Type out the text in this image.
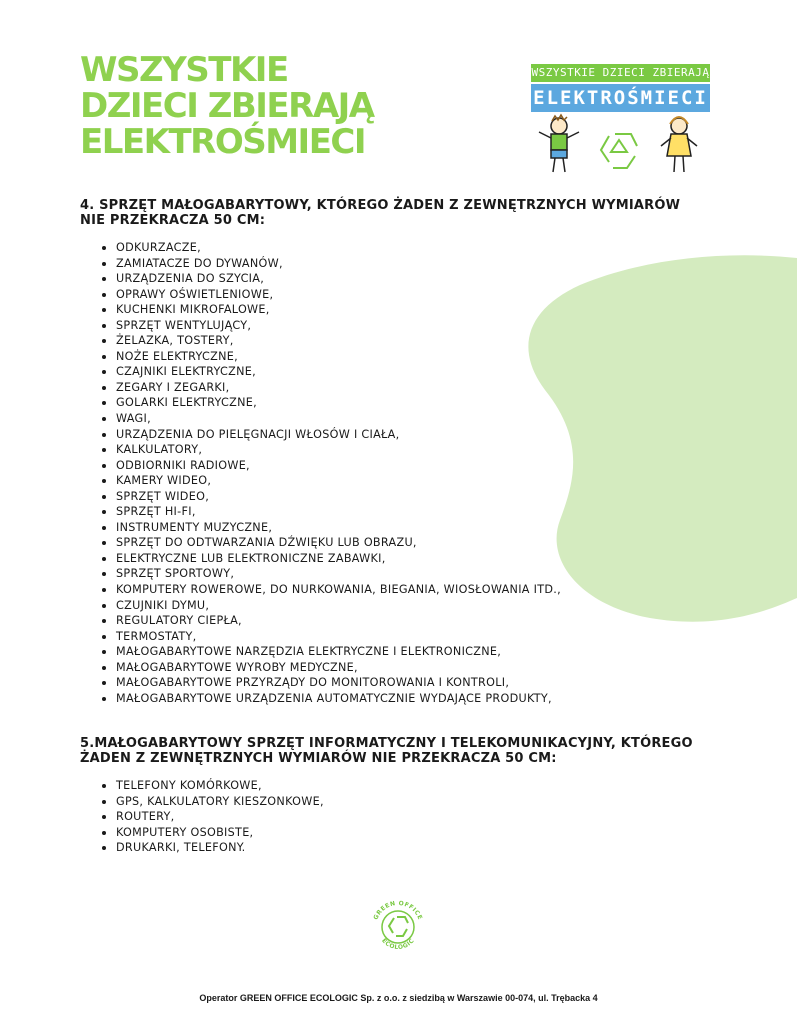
WSZYSTKIE
DZIECI ZBIERAJĄ
ELEKTROŚMIECI
WSZYSTKIE DZIECI ZBIERAJĄ
ELEKTROŚMIECI
4. SPRZĘT MAŁOGABARYTOWY, KTÓREGO ŻADEN Z ZEWNĘTRZNYCH WYMIARÓW
NIE PRZEKRACZA 50 CM:
ODKURZACZE,
ZAMIATACZE DO DYWANÓW,
URZĄDZENIA DO SZYCIA,
OPRAWY OŚWIETLENIOWE,
KUCHENKI MIKROFALOWE,
SPRZĘT WENTYLUJĄCY,
ŻELAZKA, TOSTERY,
NOŻE ELEKTRYCZNE,
CZAJNIKI ELEKTRYCZNE,
ZEGARY I ZEGARKI,
GOLARKI ELEKTRYCZNE,
WAGI,
URZĄDZENIA DO PIELĘGNACJI WŁOSÓW I CIAŁA,
KALKULATORY,
ODBIORNIKI RADIOWE,
KAMERY WIDEO,
SPRZĘT WIDEO,
SPRZĘT HI-FI,
INSTRUMENTY MUZYCZNE,
SPRZĘT DO ODTWARZANIA DŹWIĘKU LUB OBRAZU,
ELEKTRYCZNE LUB ELEKTRONICZNE ZABAWKI,
SPRZĘT SPORTOWY,
KOMPUTERY ROWEROWE, DO NURKOWANIA, BIEGANIA, WIOSŁOWANIA ITD.,
CZUJNIKI DYMU,
REGULATORY CIEPŁA,
TERMOSTATY,
MAŁOGABARYTOWE NARZĘDZIA ELEKTRYCZNE I ELEKTRONICZNE,
MAŁOGABARYTOWE WYROBY MEDYCZNE,
MAŁOGABARYTOWE PRZYRZĄDY DO MONITOROWANIA I KONTROLI,
MAŁOGABARYTOWE URZĄDZENIA AUTOMATYCZNIE WYDAJĄCE PRODUKTY,
5.MAŁOGABARYTOWY SPRZĘT INFORMATYCZNY I TELEKOMUNIKACYJNY, KTÓREGO
ŻADEN Z ZEWNĘTRZNYCH WYMIARÓW NIE PRZEKRACZA 50 CM:
TELEFONY KOMÓRKOWE,
GPS, KALKULATORY KIESZONKOWE,
ROUTERY,
KOMPUTERY OSOBISTE,
DRUKARKI, TELEFONY.
GREEN OFFICE
ECOLOGIC
Operator GREEN OFFICE ECOLOGIC Sp. z o.o. z siedzibą w Warszawie 00-074, ul. Trębacka 4
